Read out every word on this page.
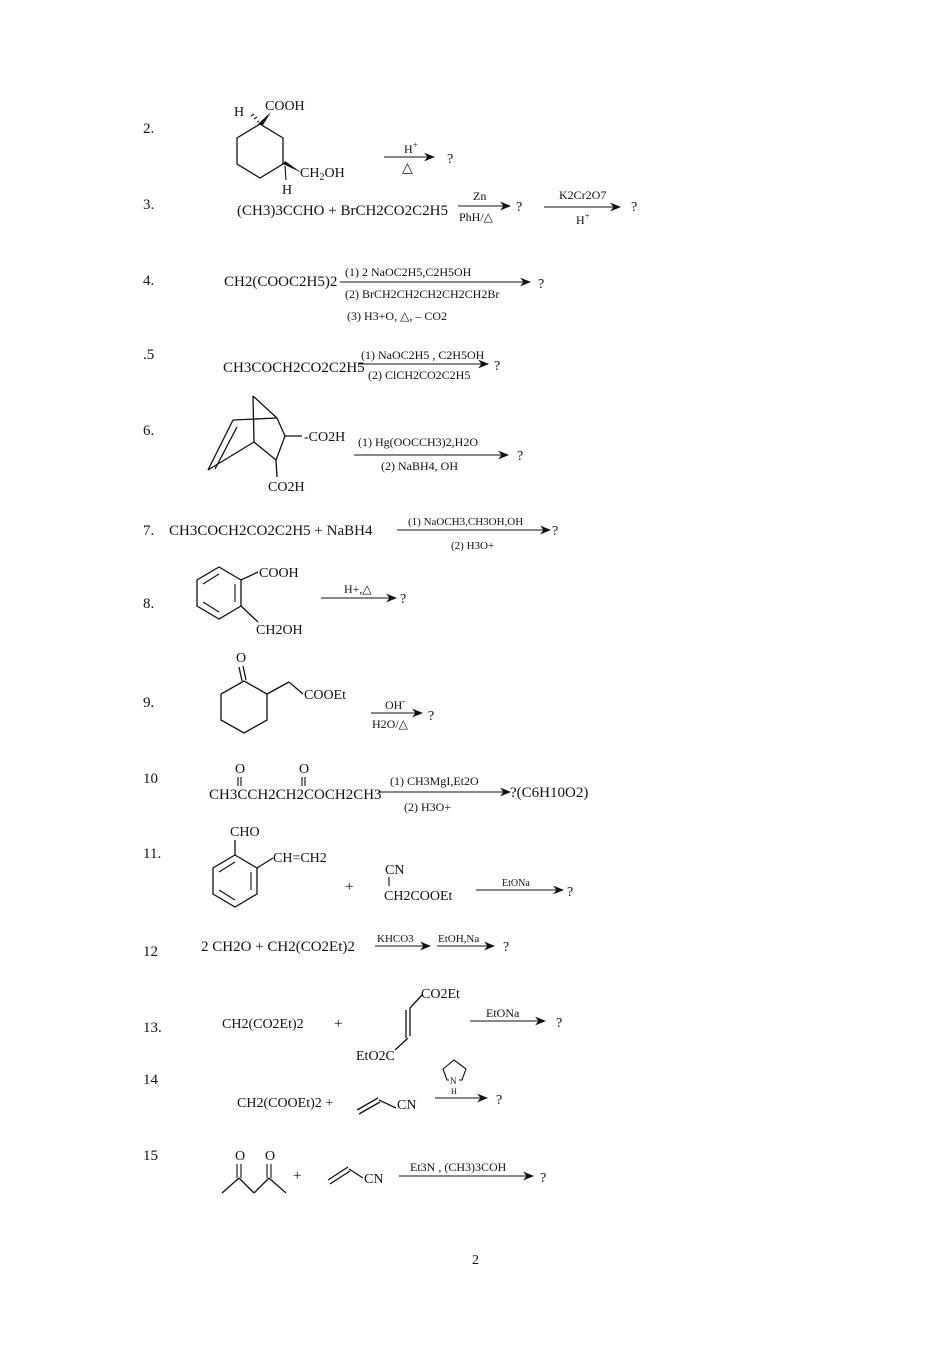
2.
H COOH
$CH_2OH$
H
H+
△
?
3.	(CH3)3CCHO + BrCH2CO2C2H5
Zn
PhH/△
?
K2Cr2O7
H+
?
4.	CH2(COOC2H5)2
(1) 2 NaOC2H5,C2H5OH
(2) BrCH2CH2CH2CH2CH2Br
(3) H3+O, △, – CO2
?
.5
CH3COCH2CO2C2H5
(1) NaOC2H5 , C2H5OH
(2) ClCH2CO2C2H5
?
6.	-CO2H
CO2H
(1) Hg(OOCCH3)2,H2O
(2) NaBH4, OH
?
7. CH3COCH2CO2C2H5 + NaBH4
(1) NaOCH3,CH3OH,OH
(2) H3O+
?
8.
COOH
CH2OH
H+,△
?
9.
O
COOEt
OH-
H2O/△ ?
10
O	O
CH3CCH2CH2COCH2CH3
(1) CH3MgI,Et2O
(2) H3O+
?(C6H10O2)
11.
CHO
CH=CH2
+
CN
CH2COOEt
EtONa
?
12	2 CH2O + CH2(CO2Et)2 KHCO3 EtOH,Na
?
13.	CH2(CO2Et)2 +
CO2Et
EtO2C
EtONa
?
14
CH2(COOEt)2 +	CN
N
H
?
15	O O
+	CN
Et3N , (CH3)3COH
?
2
